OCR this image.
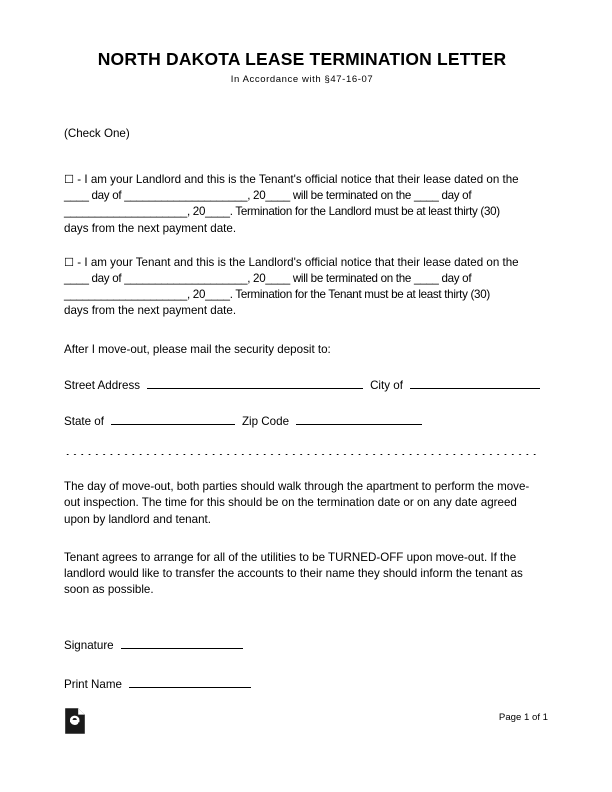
NORTH DAKOTA LEASE TERMINATION LETTER
In Accordance with §47-16-07

(Check One)

☐ - I am your Landlord and this is the Tenant's official notice that their lease dated on the
____ day of ____________________, 20____ will be terminated on the ____ day of
____________________, 20____. Termination for the Landlord must be at least thirty (30)
days from the next payment date.

☐ - I am your Tenant and this is the Landlord's official notice that their lease dated on the
____ day of ____________________, 20____ will be terminated on the ____ day of
____________________, 20____. Termination for the Tenant must be at least thirty (30)
days from the next payment date.

After I move-out, please mail the security deposit to:

Street Address	City of
State of	Zip Code

The day of move-out, both parties should walk through the apartment to perform the move-out inspection. The time for this should be on the termination date or on any date agreed upon by landlord and tenant.

Tenant agrees to arrange for all of the utilities to be TURNED-OFF upon move-out. If the landlord would like to transfer the accounts to their name they should inform the tenant as soon as possible.

Signature
Print Name
Page 1 of 1
